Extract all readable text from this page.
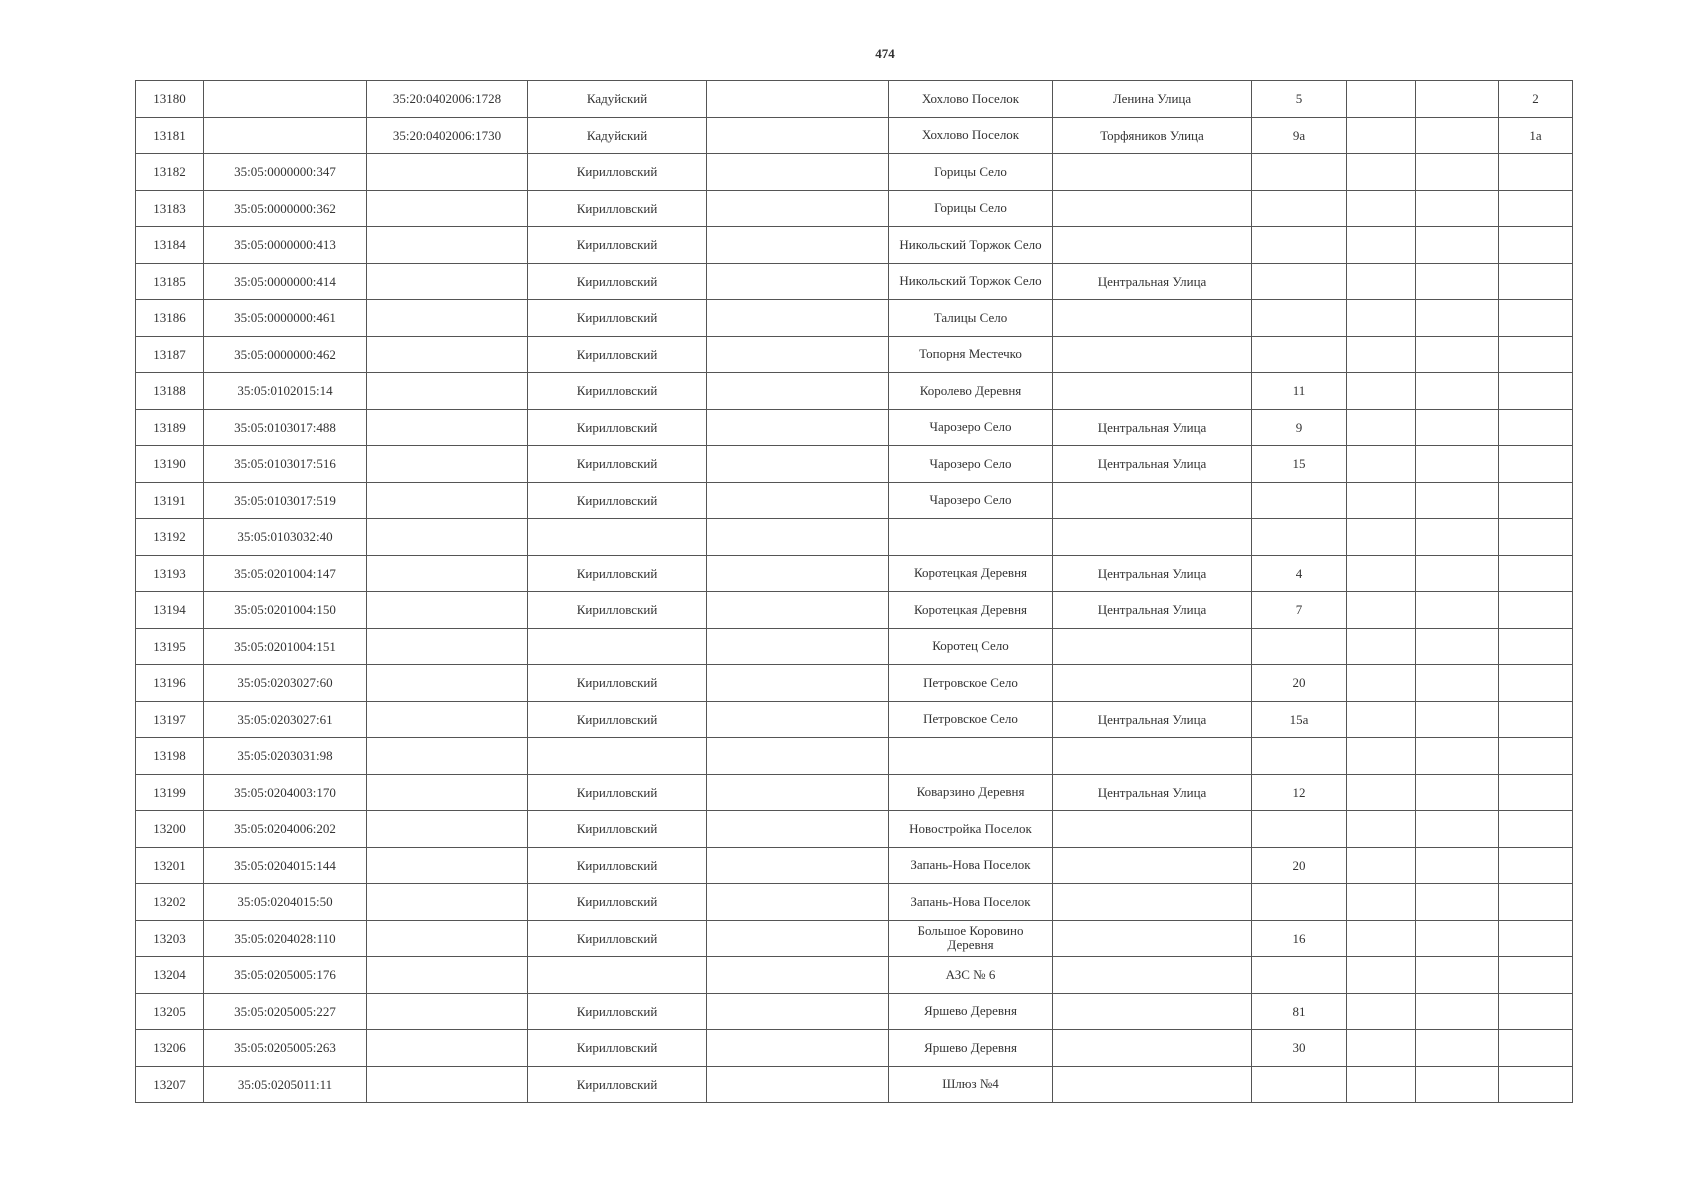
474
13180		35:20:0402006:1728	Кадуйский		Хохлово Поселок	Ленина Улица	5			2
13181		35:20:0402006:1730	Кадуйский		Хохлово Поселок	Торфяников Улица	9а			1а
13182	35:05:0000000:347		Кирилловский		Горицы Село					
13183	35:05:0000000:362		Кирилловский		Горицы Село					
13184	35:05:0000000:413		Кирилловский		Никольский Торжок Село					
13185	35:05:0000000:414		Кирилловский		Никольский Торжок Село	Центральная Улица				
13186	35:05:0000000:461		Кирилловский		Талицы Село					
13187	35:05:0000000:462		Кирилловский		Топорня Местечко					
13188	35:05:0102015:14		Кирилловский		Королево Деревня		11			
13189	35:05:0103017:488		Кирилловский		Чарозеро Село	Центральная Улица	9			
13190	35:05:0103017:516		Кирилловский		Чарозеро Село	Центральная Улица	15			
13191	35:05:0103017:519		Кирилловский		Чарозеро Село					
13192	35:05:0103032:40									
13193	35:05:0201004:147		Кирилловский		Коротецкая Деревня	Центральная Улица	4			
13194	35:05:0201004:150		Кирилловский		Коротецкая Деревня	Центральная Улица	7			
13195	35:05:0201004:151				Коротец Село					
13196	35:05:0203027:60		Кирилловский		Петровское Село		20			
13197	35:05:0203027:61		Кирилловский		Петровское Село	Центральная Улица	15а			
13198	35:05:0203031:98									
13199	35:05:0204003:170		Кирилловский		Коварзино Деревня	Центральная Улица	12			
13200	35:05:0204006:202		Кирилловский		Новостройка Поселок					
13201	35:05:0204015:144		Кирилловский		Запань-Нова Поселок		20			
13202	35:05:0204015:50		Кирилловский		Запань-Нова Поселок					
13203	35:05:0204028:110		Кирилловский		Большое Коровино Деревня		16			
13204	35:05:0205005:176				АЗС № 6					
13205	35:05:0205005:227		Кирилловский		Яршево Деревня		81			
13206	35:05:0205005:263		Кирилловский		Яршево Деревня		30			
13207	35:05:0205011:11		Кирилловский		Шлюз №4					
